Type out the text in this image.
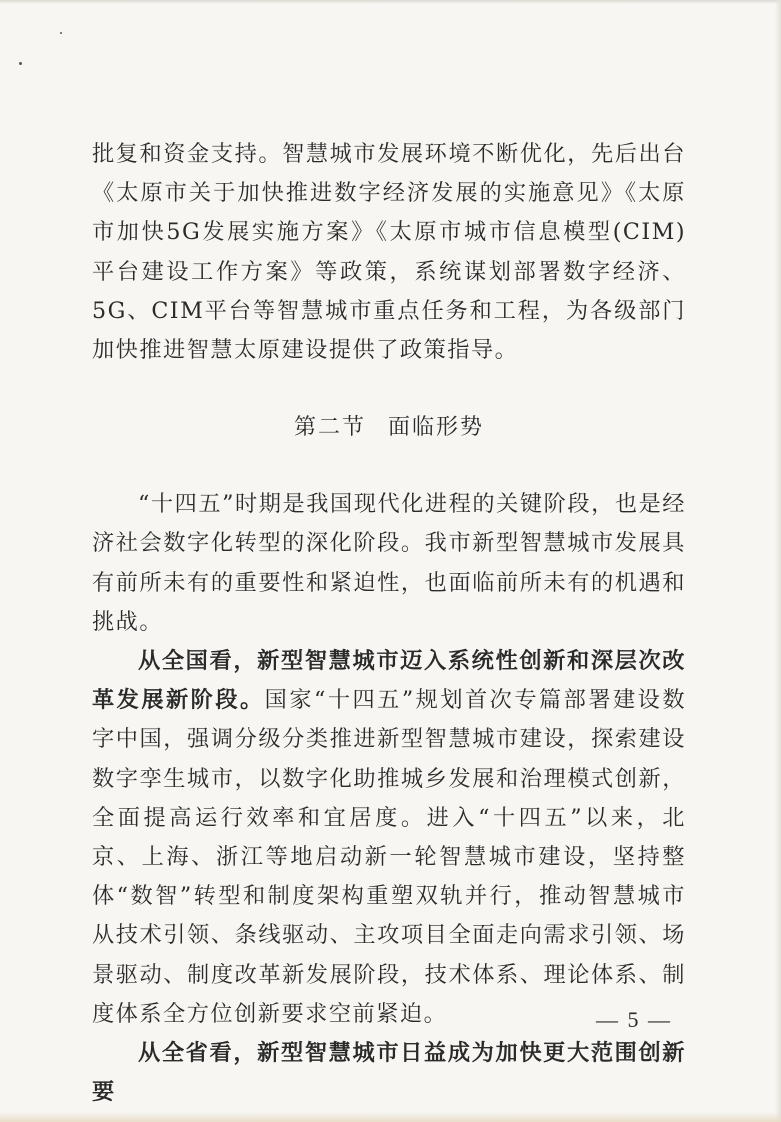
批复和资金支持。智慧城市发展环境不断优化，先后出台《太原市关于加快推进数字经济发展的实施意见》《太原市加快5G发展实施方案》《太原市城市信息模型(CIM)平台建设工作方案》等政策，系统谋划部署数字经济、5G、CIM平台等智慧城市重点任务和工程，为各级部门加快推进智慧太原建设提供了政策指导。

第二节 面临形势

“十四五”时期是我国现代化进程的关键阶段，也是经济社会数字化转型的深化阶段。我市新型智慧城市发展具有前所未有的重要性和紧迫性，也面临前所未有的机遇和挑战。

从全国看，新型智慧城市迈入系统性创新和深层次改革发展新阶段。国家“十四五”规划首次专篇部署建设数字中国，强调分级分类推进新型智慧城市建设，探索建设数字孪生城市，以数字化助推城乡发展和治理模式创新，全面提高运行效率和宜居度。进入“十四五”以来，北京、上海、浙江等地启动新一轮智慧城市建设，坚持整体“数智”转型和制度架构重塑双轨并行，推动智慧城市从技术引领、条线驱动、主攻项目全面走向需求引领、场景驱动、制度改革新发展阶段，技术体系、理论体系、制度体系全方位创新要求空前紧迫。

从全省看，新型智慧城市日益成为加快更大范围创新要

— 5 —
